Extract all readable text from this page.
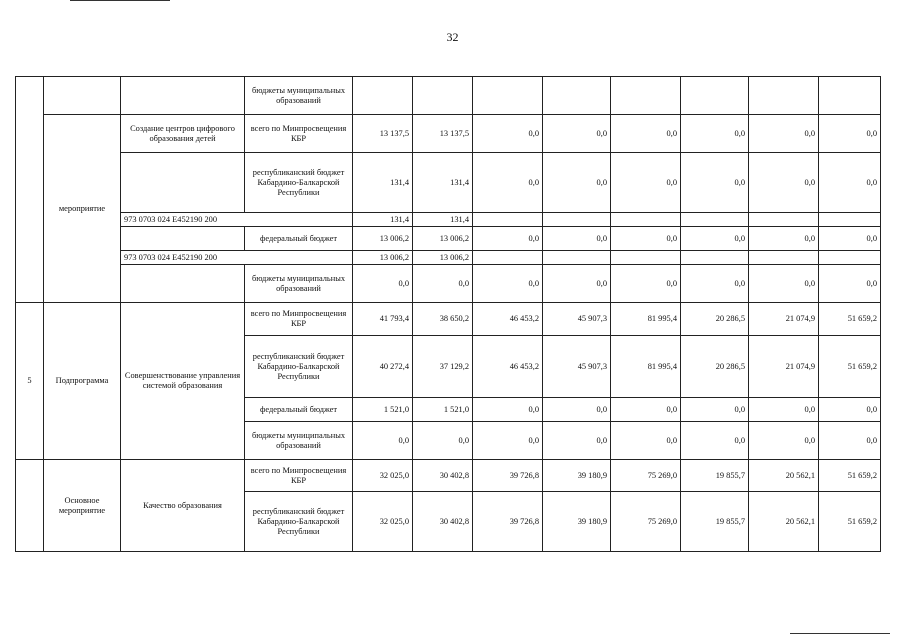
32
			бюджеты муниципальных образований								
	мероприятие	Создание центров цифрового образования детей	всего по Минпросвещения КБР	13 137,5	13 137,5	0,0	0,0	0,0	0,0	0,0	0,0
			республиканский бюджет Кабардино-Балкарской Республики	131,4	131,4	0,0	0,0	0,0	0,0	0,0	0,0
		973 0703 024 E452190 200		131,4	131,4						
			федеральный бюджет	13 006,2	13 006,2	0,0	0,0	0,0	0,0	0,0	0,0
		973 0703 024 E452190 200		13 006,2	13 006,2						
			бюджеты муниципальных образований	0,0	0,0	0,0	0,0	0,0	0,0	0,0	0,0
5	Подпрограмма	Совершенствование управления системой образования	всего по Минпросвещения КБР	41 793,4	38 650,2	46 453,2	45 907,3	81 995,4	20 286,5	21 074,9	51 659,2
			республиканский бюджет Кабардино-Балкарской Республики	40 272,4	37 129,2	46 453,2	45 907,3	81 995,4	20 286,5	21 074,9	51 659,2
			федеральный бюджет	1 521,0	1 521,0	0,0	0,0	0,0	0,0	0,0	0,0
			бюджеты муниципальных образований	0,0	0,0	0,0	0,0	0,0	0,0	0,0	0,0
	Основное мероприятие	Качество образования	всего по Минпросвещения КБР	32 025,0	30 402,8	39 726,8	39 180,9	75 269,0	19 855,7	20 562,1	51 659,2
			республиканский бюджет Кабардино-Балкарской Республики	32 025,0	30 402,8	39 726,8	39 180,9	75 269,0	19 855,7	20 562,1	51 659,2
